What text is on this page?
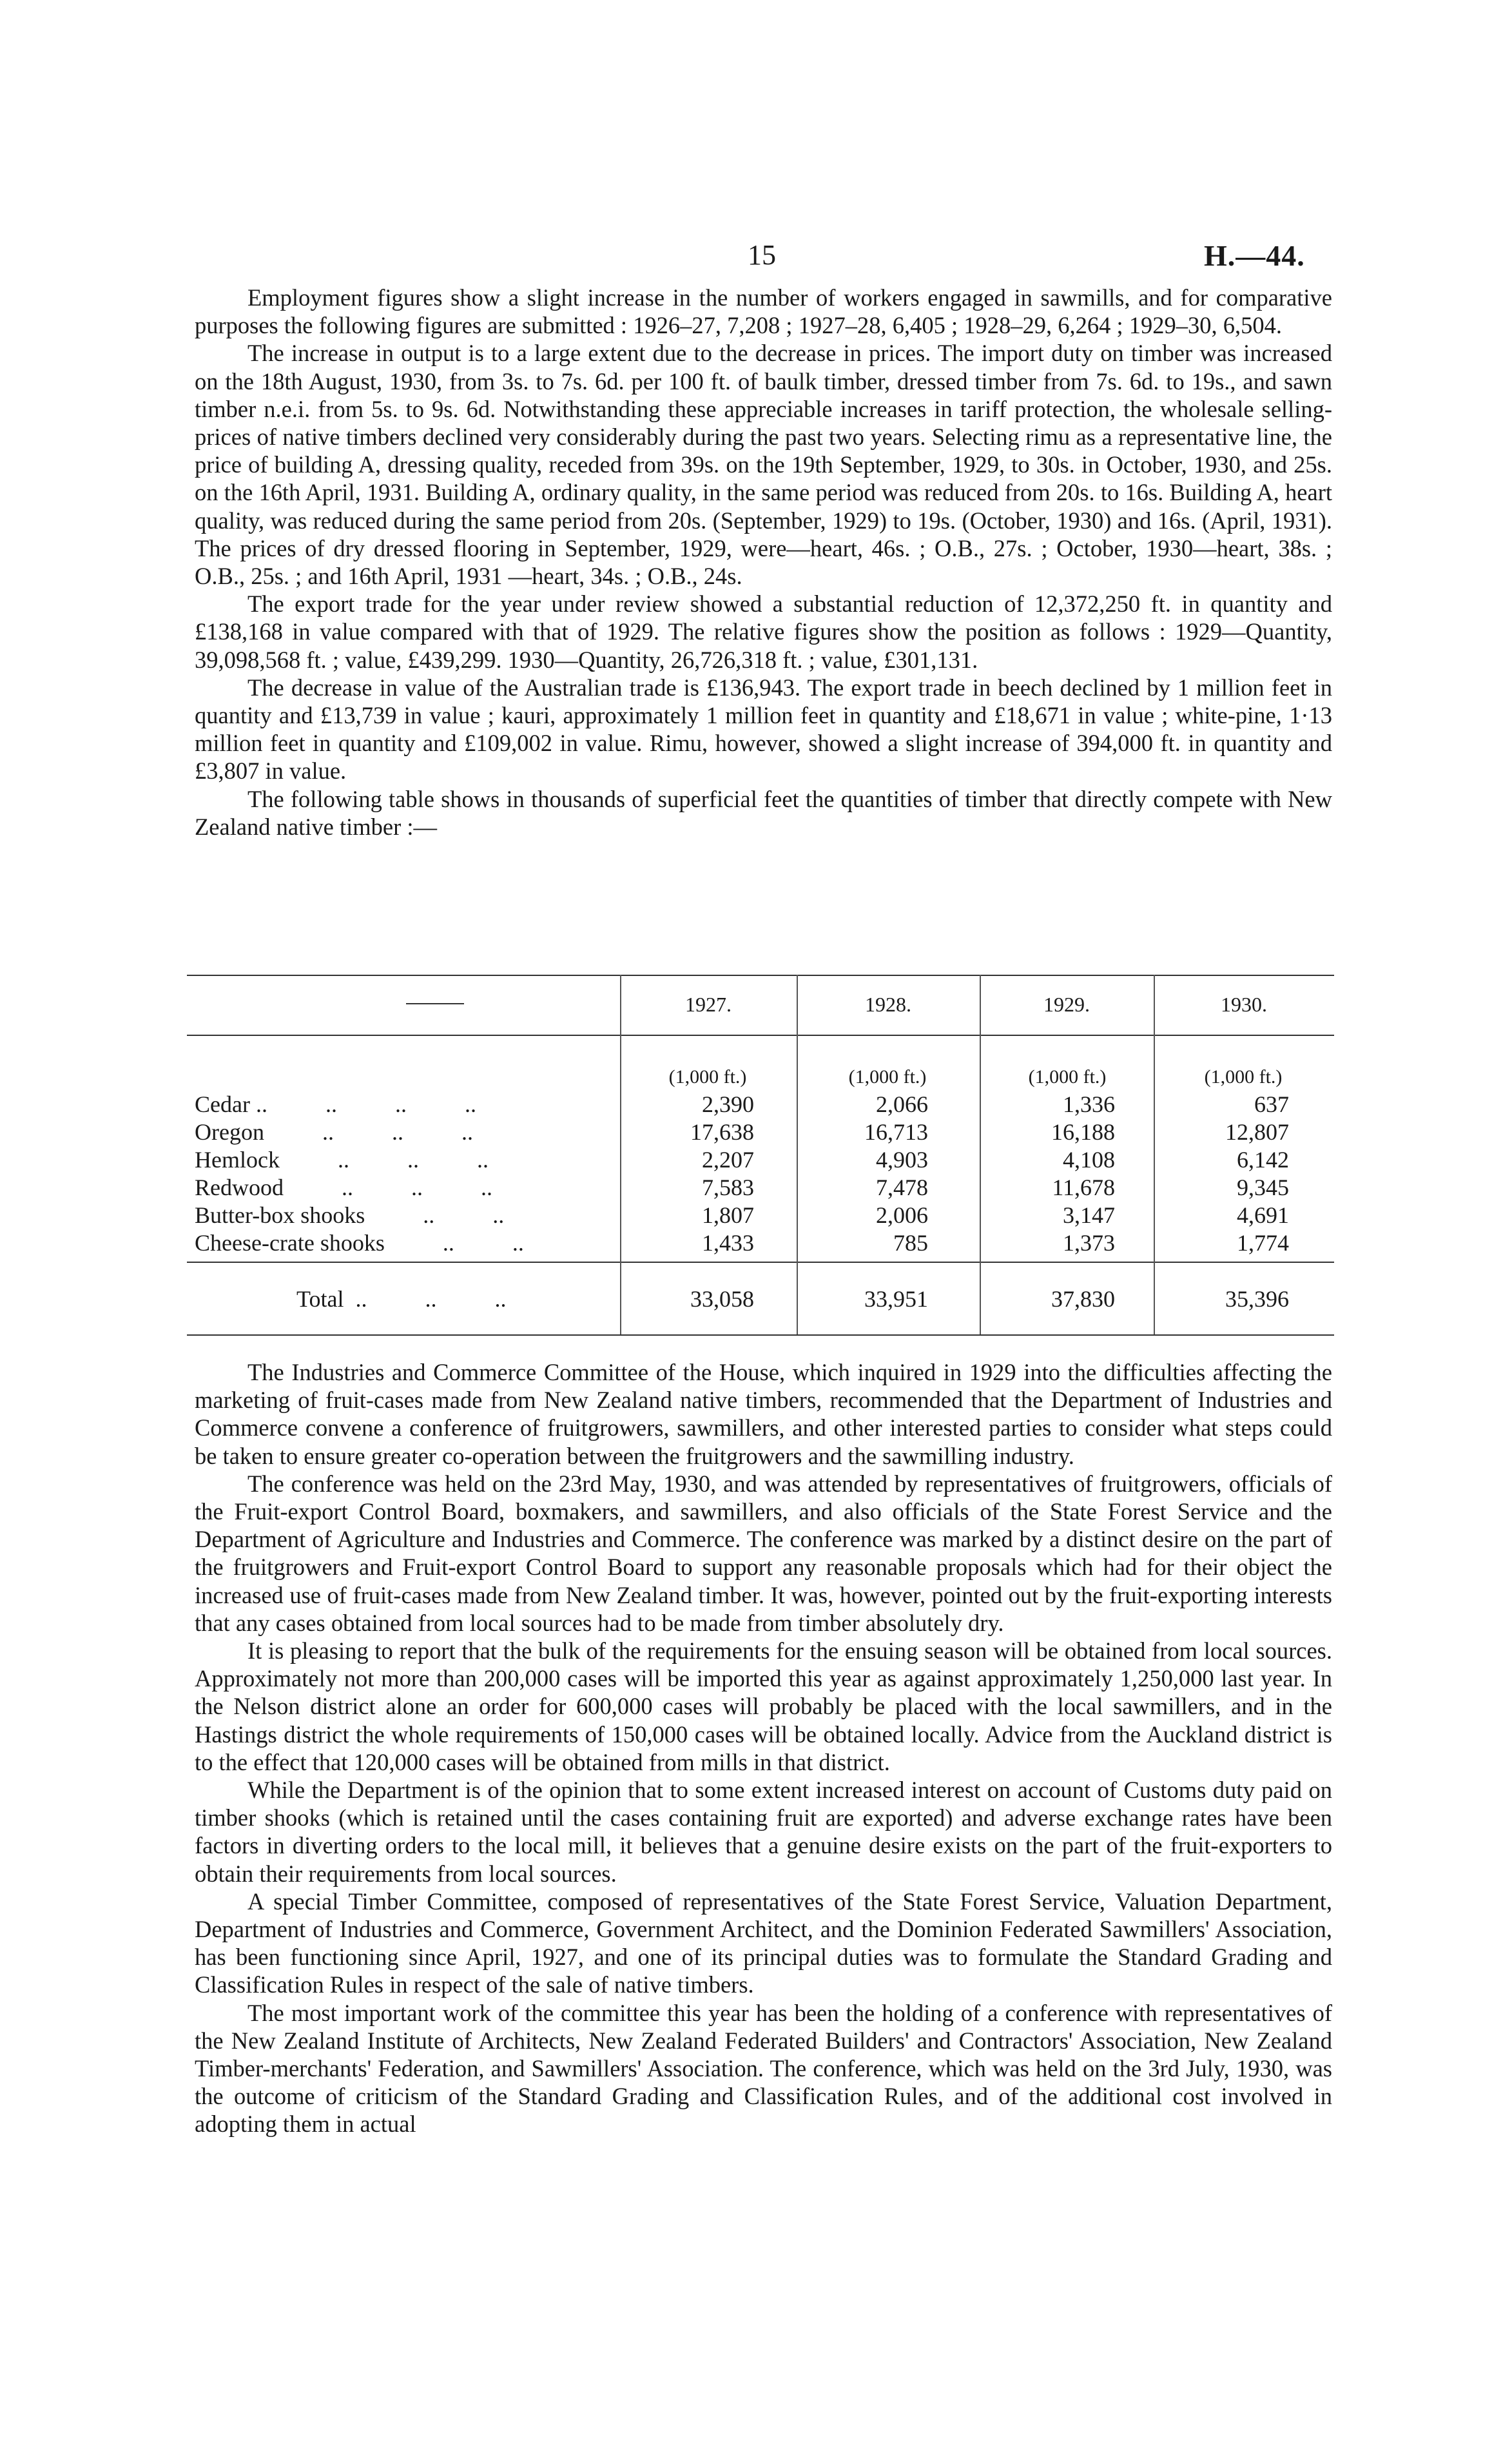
15	H.—44.

Employment figures show a slight increase in the number of workers engaged in sawmills, and for comparative purposes the following figures are submitted : 1926–27, 7,208 ; 1927–28, 6,405 ; 1928–29, 6,264 ; 1929–30, 6,504.

The increase in output is to a large extent due to the decrease in prices. The import duty on timber was increased on the 18th August, 1930, from 3s. to 7s. 6d. per 100 ft. of baulk timber, dressed timber from 7s. 6d. to 19s., and sawn timber n.e.i. from 5s. to 9s. 6d. Notwithstanding these appreciable increases in tariff protection, the wholesale selling-prices of native timbers declined very considerably during the past two years. Selecting rimu as a representative line, the price of building A, dressing quality, receded from 39s. on the 19th September, 1929, to 30s. in October, 1930, and 25s. on the 16th April, 1931. Building A, ordinary quality, in the same period was reduced from 20s. to 16s. Building A, heart quality, was reduced during the same period from 20s. (September, 1929) to 19s. (October, 1930) and 16s. (April, 1931). The prices of dry dressed flooring in September, 1929, were—heart, 46s. ; O.B., 27s. ; October, 1930—heart, 38s. ; O.B., 25s. ; and 16th April, 1931 —heart, 34s. ; O.B., 24s.

The export trade for the year under review showed a substantial reduction of 12,372,250 ft. in quantity and £138,168 in value compared with that of 1929. The relative figures show the position as follows : 1929—Quantity, 39,098,568 ft. ; value, £439,299. 1930—Quantity, 26,726,318 ft. ; value, £301,131.

The decrease in value of the Australian trade is £136,943. The export trade in beech declined by 1 million feet in quantity and £13,739 in value ; kauri, approximately 1 million feet in quantity and £18,671 in value ; white-pine, 1·13 million feet in quantity and £109,002 in value. Rimu, however, showed a slight increase of 394,000 ft. in quantity and £3,807 in value.

The following table shows in thousands of superficial feet the quantities of timber that directly compete with New Zealand native timber :—

1927.	1928.	1929.	1930.
(1,000 ft.)	(1,000 ft.)	(1,000 ft.)	(1,000 ft.)
Cedar ..          ..          ..          ..	2,390	2,066	1,336	637
Oregon          ..          ..          ..	17,638	16,713	16,188	12,807
Hemlock          ..          ..          ..	2,207	4,903	4,108	6,142
Redwood          ..          ..          ..	7,583	7,478	11,678	9,345
Butter-box shooks          ..          ..	1,807	2,006	3,147	4,691
Cheese-crate shooks          ..          ..	1,433	785	1,373	1,774
Total  ..          ..          ..	33,058	33,951	37,830	35,396

The Industries and Commerce Committee of the House, which inquired in 1929 into the difficulties affecting the marketing of fruit-cases made from New Zealand native timbers, recommended that the Department of Industries and Commerce convene a conference of fruitgrowers, sawmillers, and other interested parties to consider what steps could be taken to ensure greater co-operation between the fruitgrowers and the sawmilling industry.

The conference was held on the 23rd May, 1930, and was attended by representatives of fruitgrowers, officials of the Fruit-export Control Board, boxmakers, and sawmillers, and also officials of the State Forest Service and the Department of Agriculture and Industries and Commerce. The conference was marked by a distinct desire on the part of the fruitgrowers and Fruit-export Control Board to support any reasonable proposals which had for their object the increased use of fruit-cases made from New Zealand timber. It was, however, pointed out by the fruit-exporting interests that any cases obtained from local sources had to be made from timber absolutely dry.

It is pleasing to report that the bulk of the requirements for the ensuing season will be obtained from local sources. Approximately not more than 200,000 cases will be imported this year as against approximately 1,250,000 last year. In the Nelson district alone an order for 600,000 cases will probably be placed with the local sawmillers, and in the Hastings district the whole requirements of 150,000 cases will be obtained locally. Advice from the Auckland district is to the effect that 120,000 cases will be obtained from mills in that district.

While the Department is of the opinion that to some extent increased interest on account of Customs duty paid on timber shooks (which is retained until the cases containing fruit are exported) and adverse exchange rates have been factors in diverting orders to the local mill, it believes that a genuine desire exists on the part of the fruit-exporters to obtain their requirements from local sources.

A special Timber Committee, composed of representatives of the State Forest Service, Valuation Department, Department of Industries and Commerce, Government Architect, and the Dominion Federated Sawmillers' Association, has been functioning since April, 1927, and one of its principal duties was to formulate the Standard Grading and Classification Rules in respect of the sale of native timbers.

The most important work of the committee this year has been the holding of a conference with representatives of the New Zealand Institute of Architects, New Zealand Federated Builders' and Contractors' Association, New Zealand Timber-merchants' Federation, and Sawmillers' Association. The conference, which was held on the 3rd July, 1930, was the outcome of criticism of the Standard Grading and Classification Rules, and of the additional cost involved in adopting them in actual
